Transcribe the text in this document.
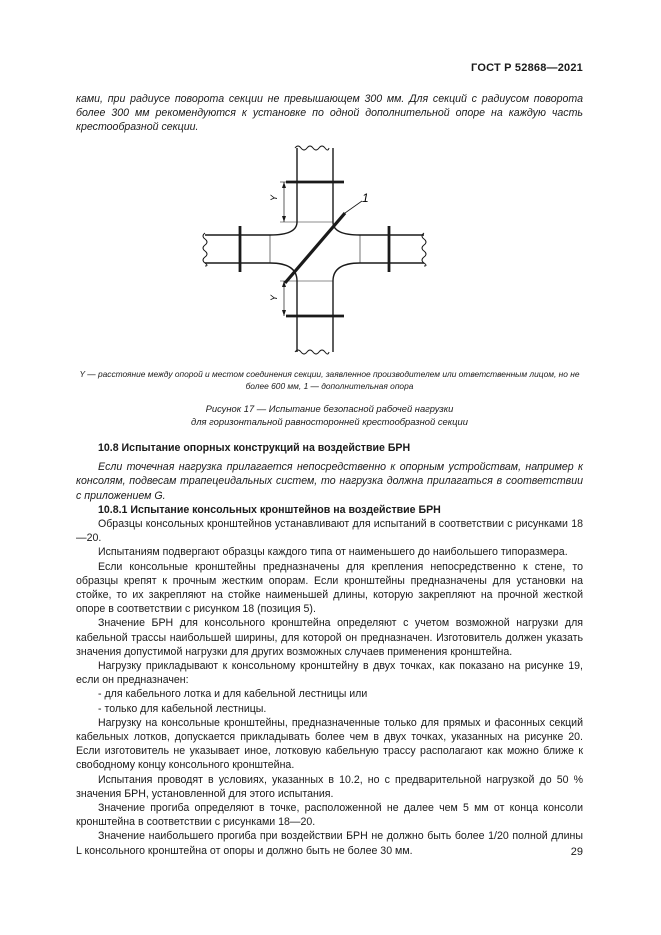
ГОСТ Р 52868—2021
ками, при радиусе поворота секции не превышающем 300 мм. Для секций с радиусом поворота более 300 мм рекомендуются к установке по одной дополнительной опоре на каждую часть крестообразной секции.
Y
Y
1
Y — расстояние между опорой и местом соединения секции, заявленное производителем или ответственным лицом, но не более 600 мм, 1 — дополнительная опора
Рисунок 17 — Испытание безопасной рабочей нагрузки
для горизонтальной равносторонней крестообразной секции
10.8 Испытание опорных конструкций на воздействие БРН
Если точечная нагрузка прилагается непосредственно к опорным устройствам, например к консолям, подвесам трапецеидальных систем, то нагрузка должна прилагаться в соответствии с приложением G.
10.8.1 Испытание консольных кронштейнов на воздействие БРН
Образцы консольных кронштейнов устанавливают для испытаний в соответствии с рисунками 18—20.
Испытаниям подвергают образцы каждого типа от наименьшего до наибольшего типоразмера.
Если консольные кронштейны предназначены для крепления непосредственно к стене, то образцы крепят к прочным жестким опорам. Если кронштейны предназначены для установки на стойке, то их закрепляют на стойке наименьшей длины, которую закрепляют на прочной жесткой опоре в соответствии с рисунком 18 (позиция 5).
Значение БРН для консольного кронштейна определяют с учетом возможной нагрузки для кабельной трассы наибольшей ширины, для которой он предназначен. Изготовитель должен указать значения допустимой нагрузки для других возможных случаев применения кронштейна.
Нагрузку прикладывают к консольному кронштейну в двух точках, как показано на рисунке 19, если он предназначен:
- для кабельного лотка и для кабельной лестницы или
- только для кабельной лестницы.
Нагрузку на консольные кронштейны, предназначенные только для прямых и фасонных секций кабельных лотков, допускается прикладывать более чем в двух точках, указанных на рисунке 20. Если изготовитель не указывает иное, лотковую кабельную трассу располагают как можно ближе к свободному концу консольного кронштейна.
Испытания проводят в условиях, указанных в 10.2, но с предварительной нагрузкой до 50 % значения БРН, установленной для этого испытания.
Значение прогиба определяют в точке, расположенной не далее чем 5 мм от конца консоли кронштейна в соответствии с рисунками 18—20.
Значение наибольшего прогиба при воздействии БРН не должно быть более 1/20 полной длины L консольного кронштейна от опоры и должно быть не более 30 мм.	29
